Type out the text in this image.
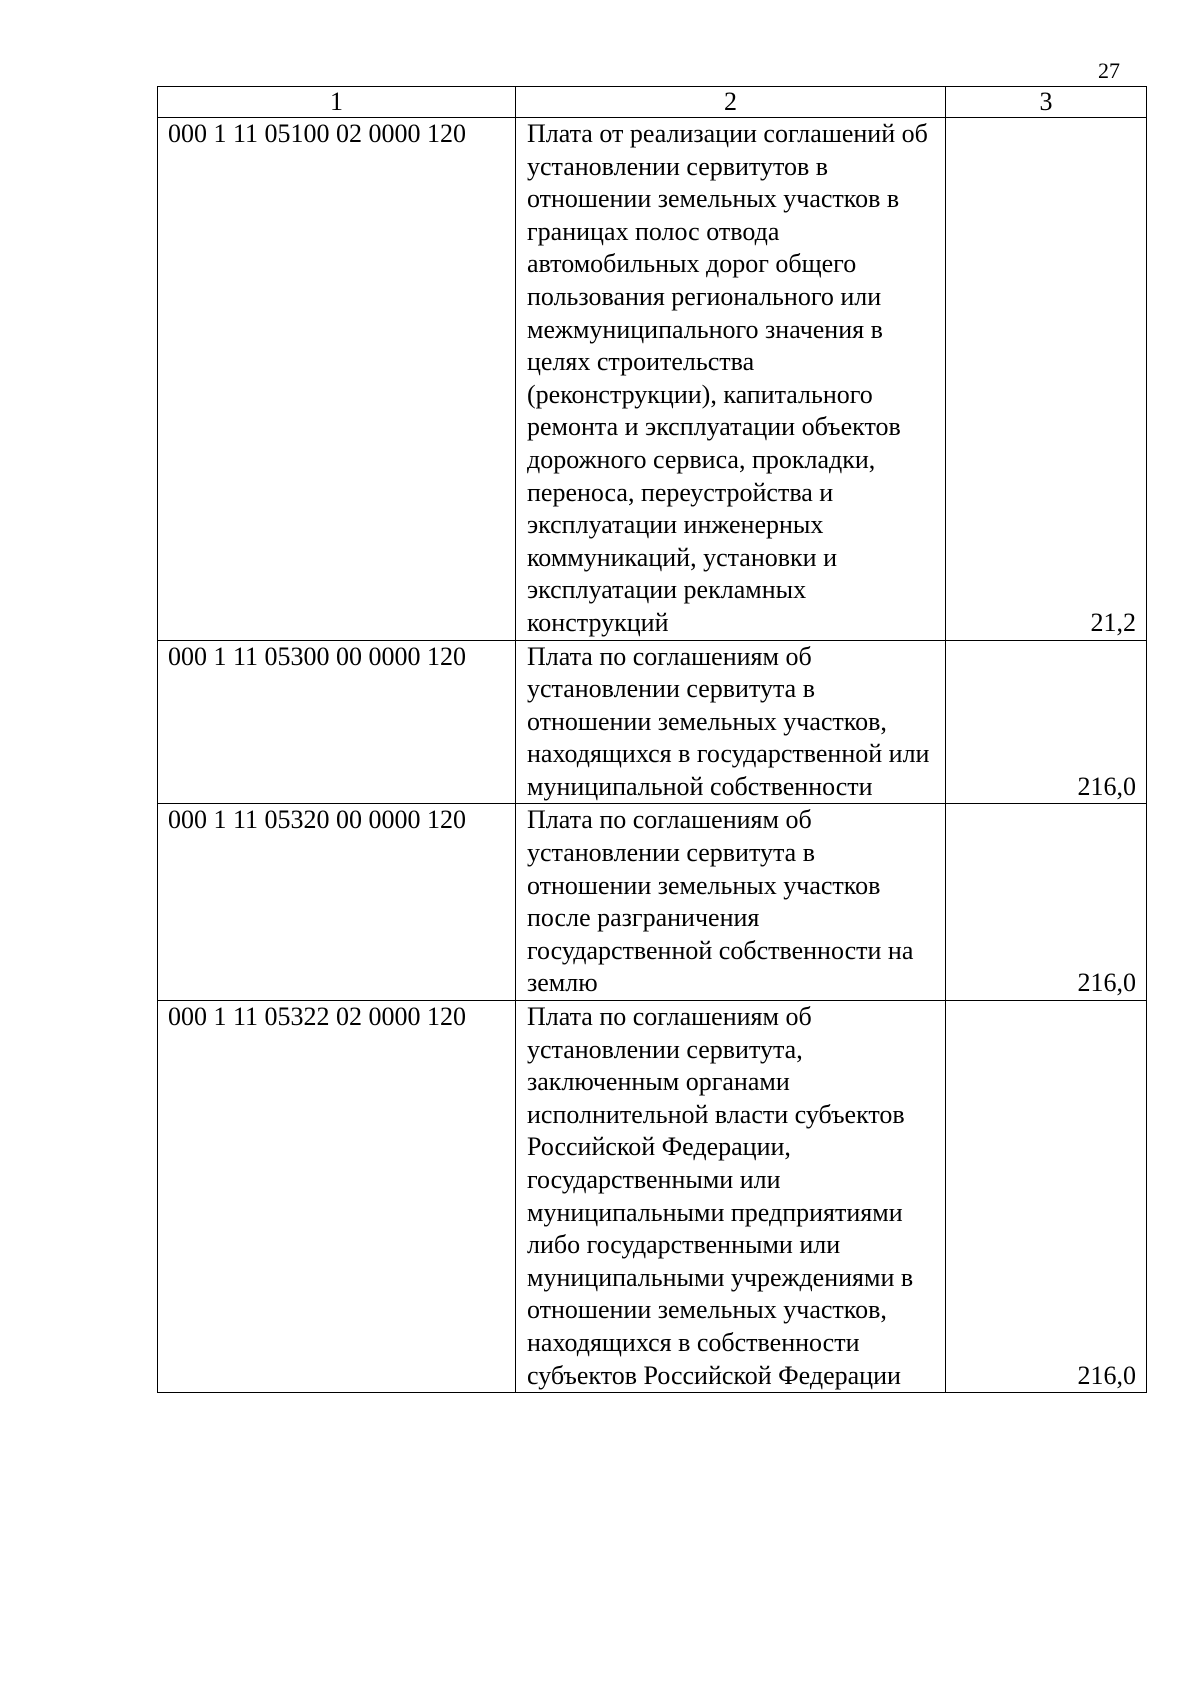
27
1	2	3
000 1 11 05100 02 0000 120	Плата от реализации соглашений об установлении сервитутов в отношении земельных участков в границах полос отвода автомобильных дорог общего пользования регионального или межмуниципального значения в целях строительства (реконструкции), капитального ремонта и эксплуатации объектов дорожного сервиса, прокладки, переноса, переустройства и эксплуатации инженерных коммуникаций, установки и эксплуатации рекламных конструкций	21,2
000 1 11 05300 00 0000 120	Плата по соглашениям об установлении сервитута в отношении земельных участков, находящихся в государственной или муниципальной собственности	216,0
000 1 11 05320 00 0000 120	Плата по соглашениям об установлении сервитута в отношении земельных участков после разграничения государственной собственности на землю	216,0
000 1 11 05322 02 0000 120	Плата по соглашениям об установлении сервитута, заключенным органами исполнительной власти субъектов Российской Федерации, государственными или муниципальными предприятиями либо государственными или муниципальными учреждениями в отношении земельных участков, находящихся в собственности субъектов Российской Федерации	216,0
